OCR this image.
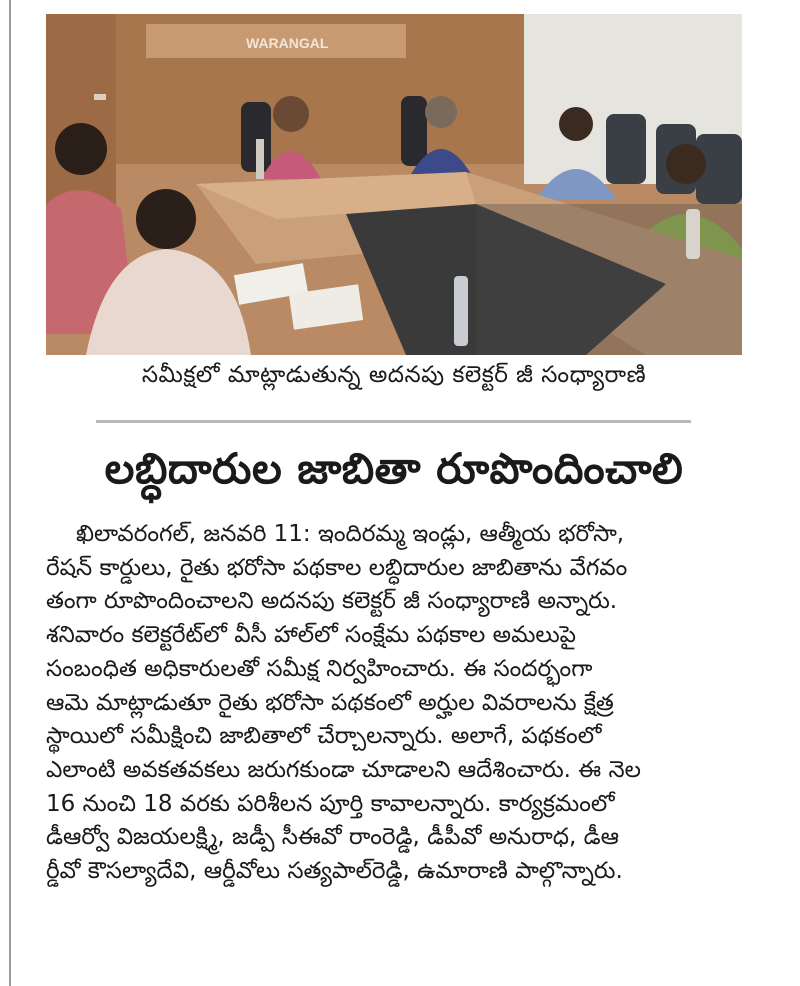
WARANGAL
సమీక్షలో మాట్లాడుతున్న అదనపు కలెక్టర్ జీ సంధ్యారాణి
లబ్ధిదారుల జాబితా రూపొందించాలి
ఖిలావరంగల్, జనవరి 11: ఇందిరమ్మ ఇండ్లు, ఆత్మీయ భరోసా,
రేషన్ కార్డులు, రైతు భరోసా పథకాల లబ్ధిదారుల జాబితాను వేగవం
తంగా రూపొందించాలని అదనపు కలెక్టర్ జీ సంధ్యారాణి అన్నారు.
శనివారం కలెక్టరేట్‌లో వీసీ హాల్‌లో సంక్షేమ పథకాల అమలుపై
సంబంధిత అధికారులతో సమీక్ష నిర్వహించారు. ఈ సందర్భంగా
ఆమె మాట్లాడుతూ రైతు భరోసా పథకంలో అర్హుల వివరాలను క్షేత్ర
స్థాయిలో సమీక్షించి జాబితాలో చేర్చాలన్నారు. అలాగే, పథకంలో
ఎలాంటి అవకతవకలు జరుగకుండా చూడాలని ఆదేశించారు. ఈ నెల
16 నుంచి 18 వరకు పరిశీలన పూర్తి కావాలన్నారు. కార్యక్రమంలో
డీఆర్వో విజయలక్ష్మి, జడ్పీ సీఈవో రాంరెడ్డి, డీపీవో అనురాధ, డీఆ
ర్డీవో కౌసల్యాదేవి, ఆర్డీవోలు సత్యపాల్‌రెడ్డి, ఉమారాణి పాల్గొన్నారు.
